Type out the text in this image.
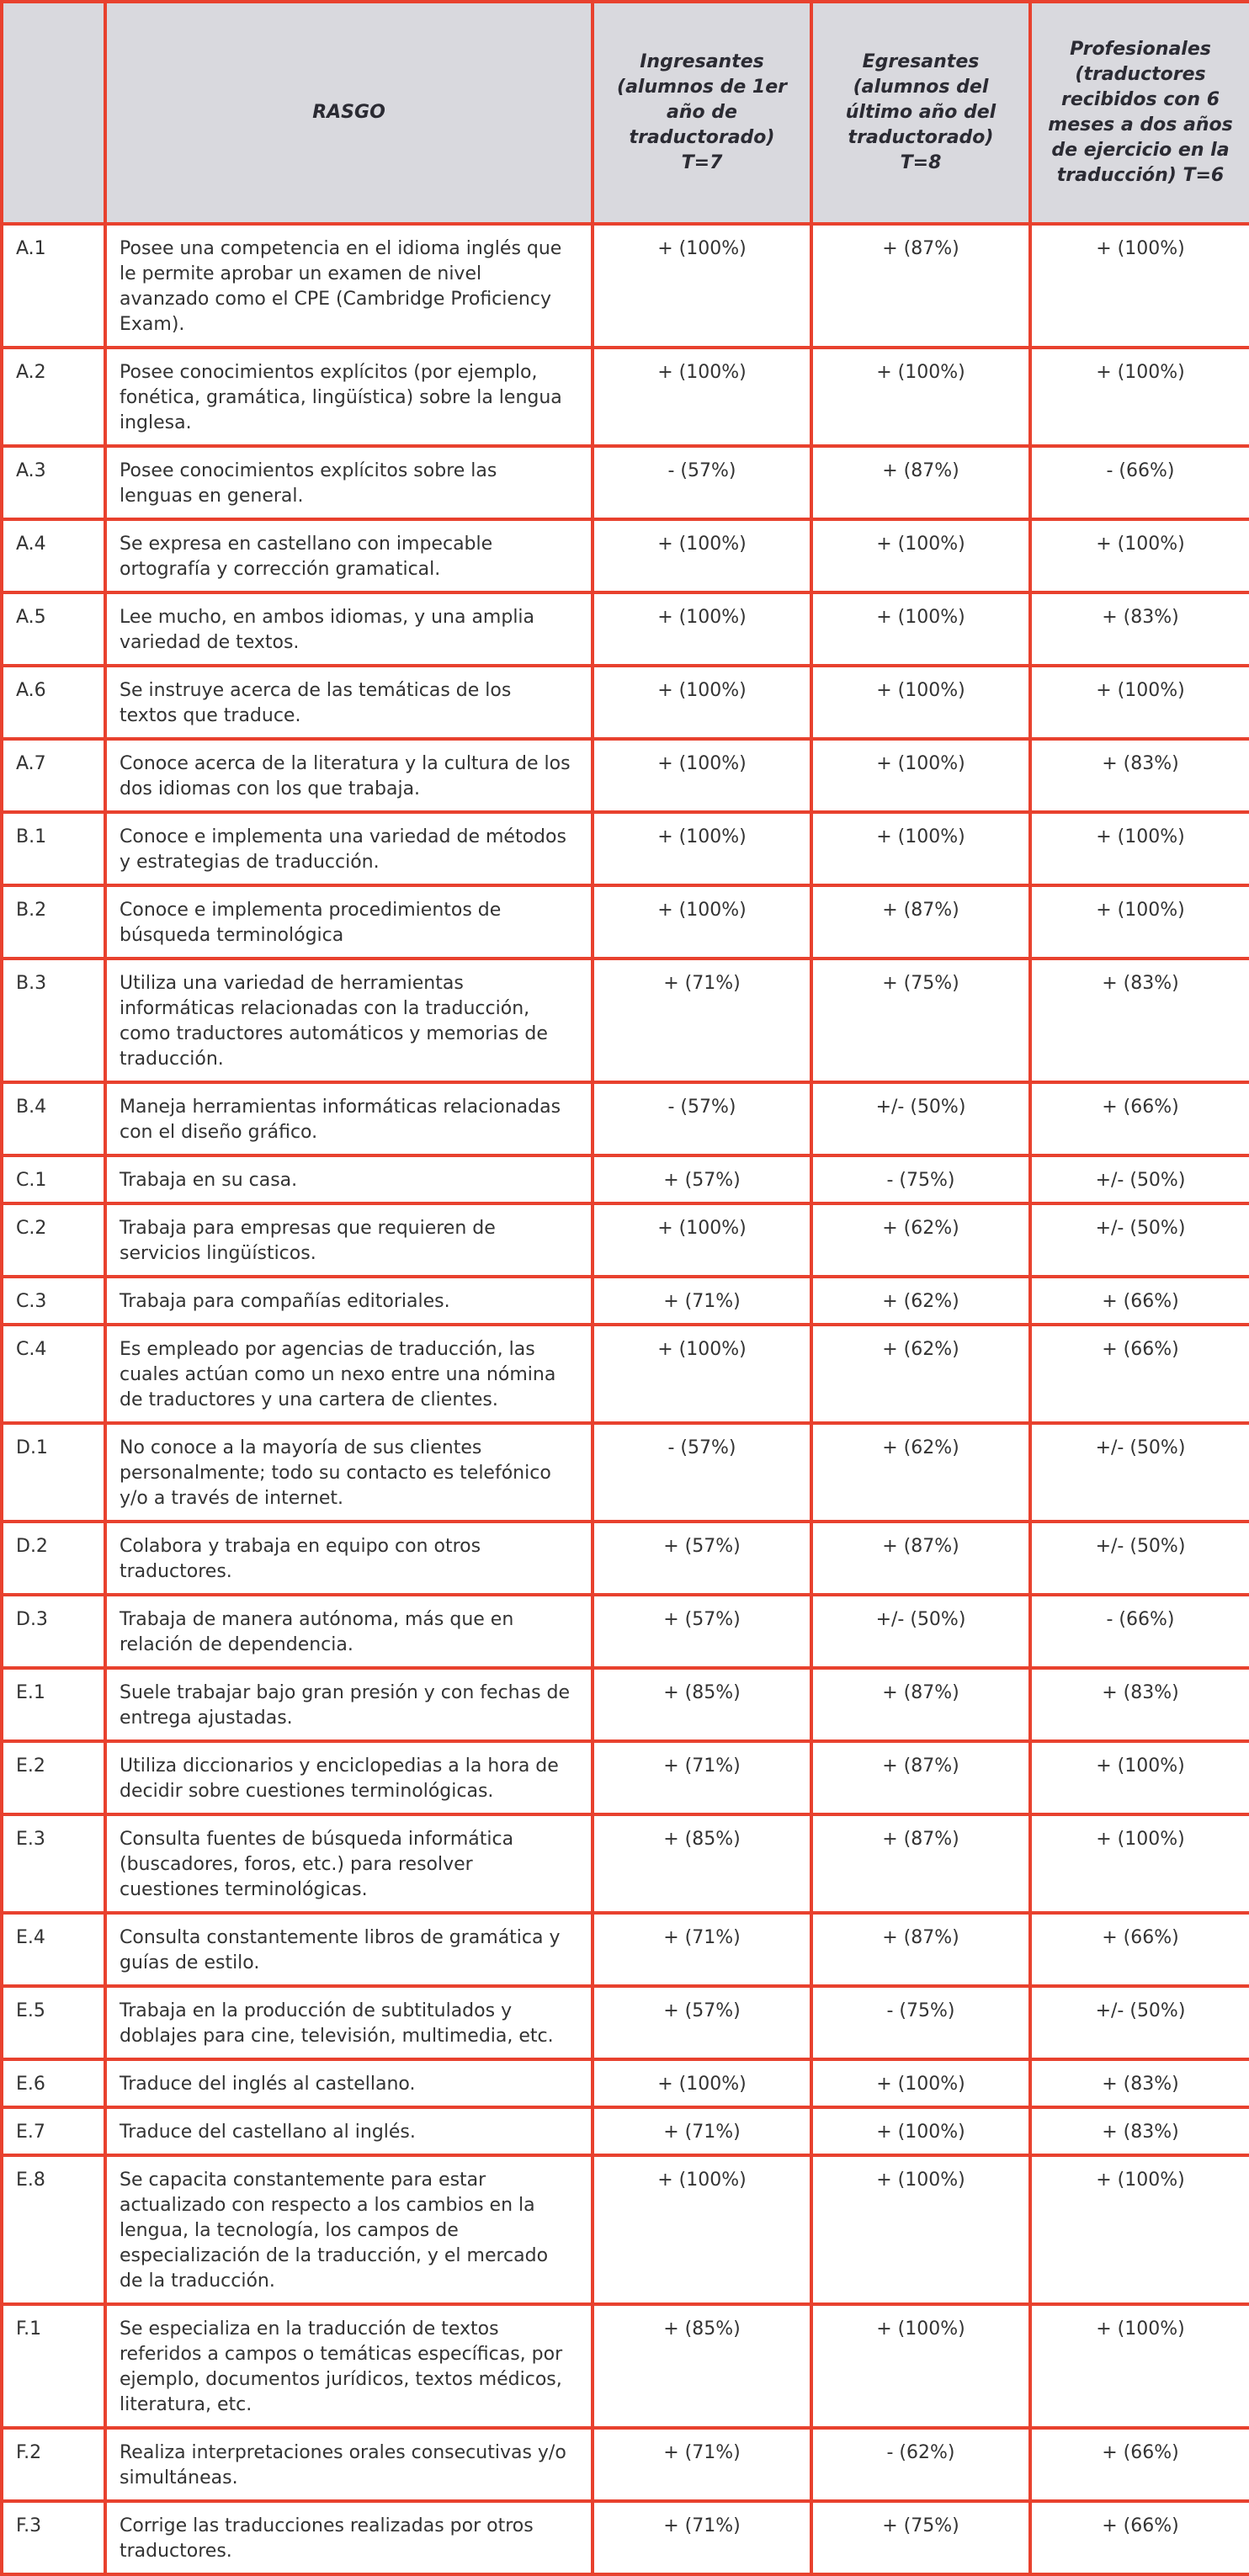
	RASGO	Ingresantes (alumnos de 1er año de traductorado) T=7	Egresantes (alumnos del último año del traductorado) T=8	Profesionales (traductores recibidos con 6 meses a dos años de ejercicio en la traducción) T=6
A.1	Posee una competencia en el idioma inglés que le permite aprobar un examen de nivel avanzado como el CPE (Cambridge Proficiency Exam).	+ (100%)	+ (87%)	+ (100%)
A.2	Posee conocimientos explícitos (por ejemplo, fonética, gramática, lingüística) sobre la lengua inglesa.	+ (100%)	+ (100%)	+ (100%)
A.3	Posee conocimientos explícitos sobre las lenguas en general.	- (57%)	+ (87%)	- (66%)
A.4	Se expresa en castellano con impecable ortografía y corrección gramatical.	+ (100%)	+ (100%)	+ (100%)
A.5	Lee mucho, en ambos idiomas, y una amplia variedad de textos.	+ (100%)	+ (100%)	+ (83%)
A.6	Se instruye acerca de las temáticas de los textos que traduce.	+ (100%)	+ (100%)	+ (100%)
A.7	Conoce acerca de la literatura y la cultura de los dos idiomas con los que trabaja.	+ (100%)	+ (100%)	+ (83%)
B.1	Conoce e implementa una variedad de métodos y estrategias de traducción.	+ (100%)	+ (100%)	+ (100%)
B.2	Conoce e implementa procedimientos de búsqueda terminológica	+ (100%)	+ (87%)	+ (100%)
B.3	Utiliza una variedad de herramientas informáticas relacionadas con la traducción, como traductores automáticos y memorias de traducción.	+ (71%)	+ (75%)	+ (83%)
B.4	Maneja herramientas informáticas relacionadas con el diseño gráfico.	- (57%)	+/- (50%)	+ (66%)
C.1	Trabaja en su casa.	+ (57%)	- (75%)	+/- (50%)
C.2	Trabaja para empresas que requieren de servicios lingüísticos.	+ (100%)	+ (62%)	+/- (50%)
C.3	Trabaja para compañías editoriales.	+ (71%)	+ (62%)	+ (66%)
C.4	Es empleado por agencias de traducción, las cuales actúan como un nexo entre una nómina de traductores y una cartera de clientes.	+ (100%)	+ (62%)	+ (66%)
D.1	No conoce a la mayoría de sus clientes personalmente; todo su contacto es telefónico y/o a través de internet.	- (57%)	+ (62%)	+/- (50%)
D.2	Colabora y trabaja en equipo con otros traductores.	+ (57%)	+ (87%)	+/- (50%)
D.3	Trabaja de manera autónoma, más que en relación de dependencia.	+ (57%)	+/- (50%)	- (66%)
E.1	Suele trabajar bajo gran presión y con fechas de entrega ajustadas.	+ (85%)	+ (87%)	+ (83%)
E.2	Utiliza diccionarios y enciclopedias a la hora de decidir sobre cuestiones terminológicas.	+ (71%)	+ (87%)	+ (100%)
E.3	Consulta fuentes de búsqueda informática (buscadores, foros, etc.) para resolver cuestiones terminológicas.	+ (85%)	+ (87%)	+ (100%)
E.4	Consulta constantemente libros de gramática y guías de estilo.	+ (71%)	+ (87%)	+ (66%)
E.5	Trabaja en la producción de subtitulados y doblajes para cine, televisión, multimedia, etc.	+ (57%)	- (75%)	+/- (50%)
E.6	Traduce del inglés al castellano.	+ (100%)	+ (100%)	+ (83%)
E.7	Traduce del castellano al inglés.	+ (71%)	+ (100%)	+ (83%)
E.8	Se capacita constantemente para estar actualizado con respecto a los cambios en la lengua, la tecnología, los campos de especialización de la traducción, y el mercado de la traducción.	+ (100%)	+ (100%)	+ (100%)
F.1	Se especializa en la traducción de textos referidos a campos o temáticas específicas, por ejemplo, documentos jurídicos, textos médicos, literatura, etc.	+ (85%)	+ (100%)	+ (100%)
F.2	Realiza interpretaciones orales consecutivas y/o simultáneas.	+ (71%)	- (62%)	+ (66%)
F.3	Corrige las traducciones realizadas por otros traductores.	+ (71%)	+ (75%)	+ (66%)
